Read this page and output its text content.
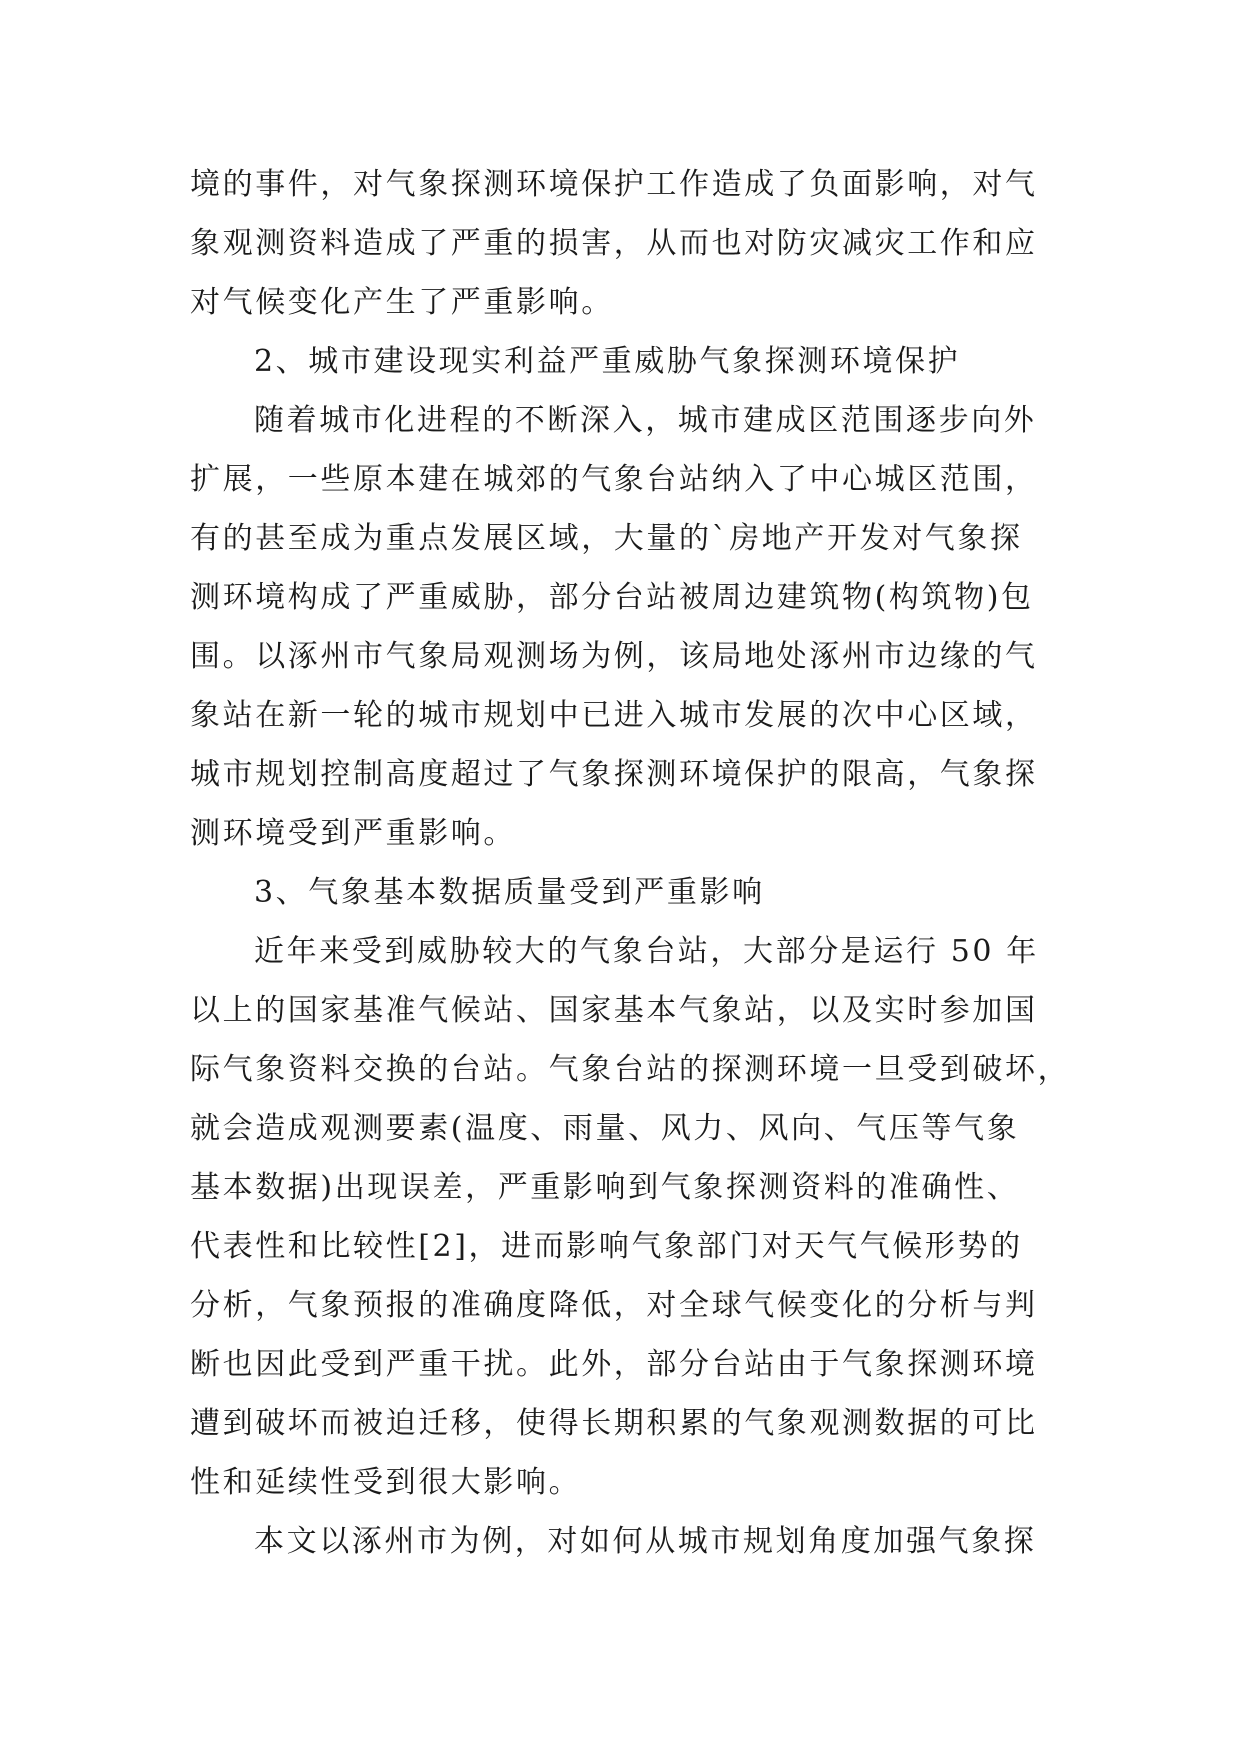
境的事件，对气象探测环境保护工作造成了负面影响，对气
象观测资料造成了严重的损害，从而也对防灾减灾工作和应
对气候变化产生了严重影响。
2、城市建设现实利益严重威胁气象探测环境保护
随着城市化进程的不断深入，城市建成区范围逐步向外
扩展，一些原本建在城郊的气象台站纳入了中心城区范围，
有的甚至成为重点发展区域，大量的`房地产开发对气象探
测环境构成了严重威胁，部分台站被周边建筑物(构筑物)包
围。以涿州市气象局观测场为例，该局地处涿州市边缘的气
象站在新一轮的城市规划中已进入城市发展的次中心区域，
城市规划控制高度超过了气象探测环境保护的限高，气象探
测环境受到严重影响。
3、气象基本数据质量受到严重影响
近年来受到威胁较大的气象台站，大部分是运行 50 年
以上的国家基准气候站、国家基本气象站，以及实时参加国
际气象资料交换的台站。气象台站的探测环境一旦受到破坏，
就会造成观测要素(温度、雨量、风力、风向、气压等气象
基本数据)出现误差，严重影响到气象探测资料的准确性、
代表性和比较性[2]，进而影响气象部门对天气气候形势的
分析，气象预报的准确度降低，对全球气候变化的分析与判
断也因此受到严重干扰。此外，部分台站由于气象探测环境
遭到破坏而被迫迁移，使得长期积累的气象观测数据的可比
性和延续性受到很大影响。
本文以涿州市为例，对如何从城市规划角度加强气象探
